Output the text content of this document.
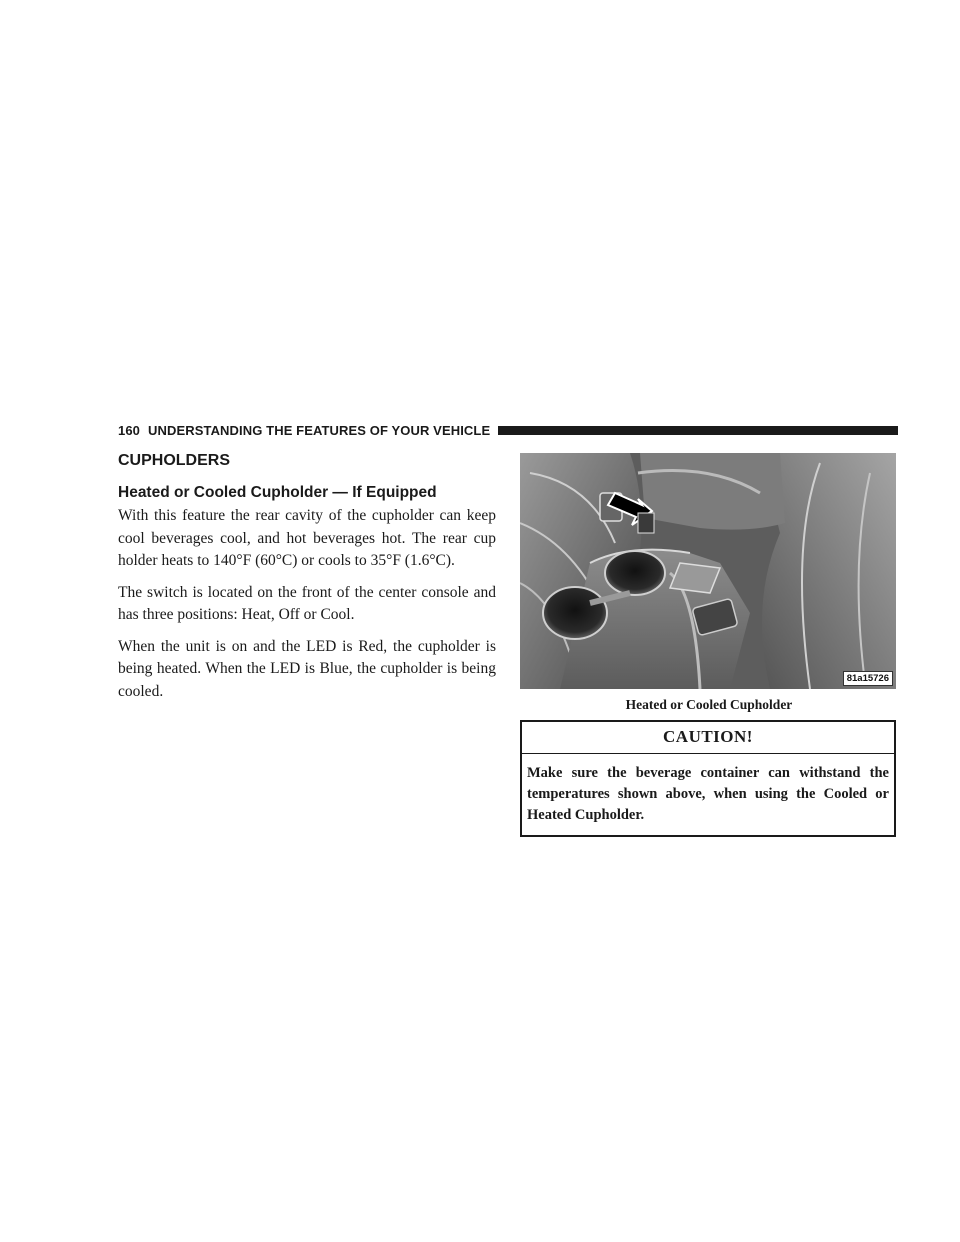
160 UNDERSTANDING THE FEATURES OF YOUR VEHICLE
CUPHOLDERS
Heated or Cooled Cupholder — If Equipped

With this feature the rear cavity of the cupholder can keep cool beverages cool, and hot beverages hot. The rear cup holder heats to 140°F (60°C) or cools to 35°F (1.6°C).

The switch is located on the front of the center console and has three positions: Heat, Off or Cool.

When the unit is on and the LED is Red, the cupholder is being heated. When the LED is Blue, the cupholder is being cooled.

81a15726
Heated or Cooled Cupholder
CAUTION!
Make sure the beverage container can withstand the temperatures shown above, when using the Cooled or Heated Cupholder.
